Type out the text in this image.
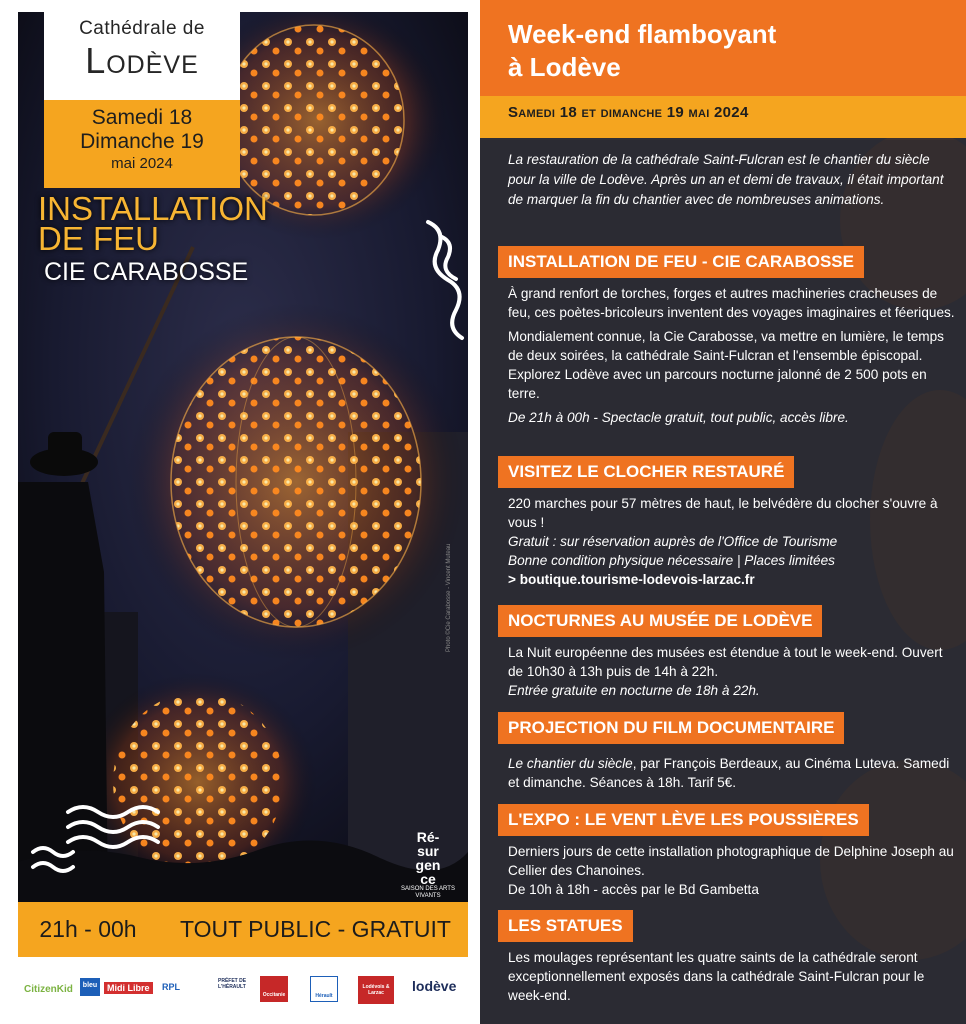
Cathédrale de
Lodève
Samedi 18
Dimanche 19
mai 2024
INSTALLATION
DE FEU
CIE CARABOSSE
Photo ©Cie Carabosse - Vincent Muteau
Ré-
sur
gen
ce
SAISON DES ARTS VIVANTS
21h - 00h	TOUT PUBLIC - GRATUIT
CitizenKid	bleu	Midi Libre	RPL
PRÉFET DE L'HÉRAULT
Occitanie	Hérault
Lodévois & Larzac	lodève
Week-end flamboyant
à Lodève
Samedi 18 et dimanche 19 mai 2024
La restauration de la cathédrale Saint-Fulcran est le chantier du siècle pour la ville de Lodève. Après un an et demi de travaux, il était important de marquer la fin du chantier avec de nombreuses animations.
INSTALLATION DE FEU - CIE CARABOSSE

À grand renfort de torches, forges et autres machineries cracheuses de feu, ces poètes-bricoleurs inventent des voyages imaginaires et féeriques.

Mondialement connue, la Cie Carabosse, va mettre en lumière, le temps de deux soirées, la cathédrale Saint-Fulcran et l'ensemble épiscopal. Explorez Lodève avec un parcours nocturne jalonné de 2 500 pots en terre.

De 21h à 00h - Spectacle gratuit, tout public, accès libre.

VISITEZ LE CLOCHER RESTAURÉ
220 marches pour 57 mètres de haut, le belvédère du clocher s'ouvre à vous !
Gratuit : sur réservation auprès de l'Office de Tourisme
Bonne condition physique nécessaire | Places limitées
> boutique.tourisme-lodevois-larzac.fr
NOCTURNES AU MUSÉE DE LODÈVE
La Nuit européenne des musées est étendue à tout le week-end. Ouvert de 10h30 à 13h puis de 14h à 22h.
Entrée gratuite en nocturne de 18h à 22h.
PROJECTION DU FILM DOCUMENTAIRE
Le chantier du siècle, par François Berdeaux, au Cinéma Luteva. Samedi et dimanche. Séances à 18h. Tarif 5€.
L'EXPO : LE VENT LÈVE LES POUSSIÈRES
Derniers jours de cette installation photographique de Delphine Joseph au Cellier des Chanoines.
De 10h à 18h - accès par le Bd Gambetta
LES STATUES
Les moulages représentant les quatre saints de la cathédrale seront exceptionnellement exposés dans la cathédrale Saint-Fulcran pour le week-end.
